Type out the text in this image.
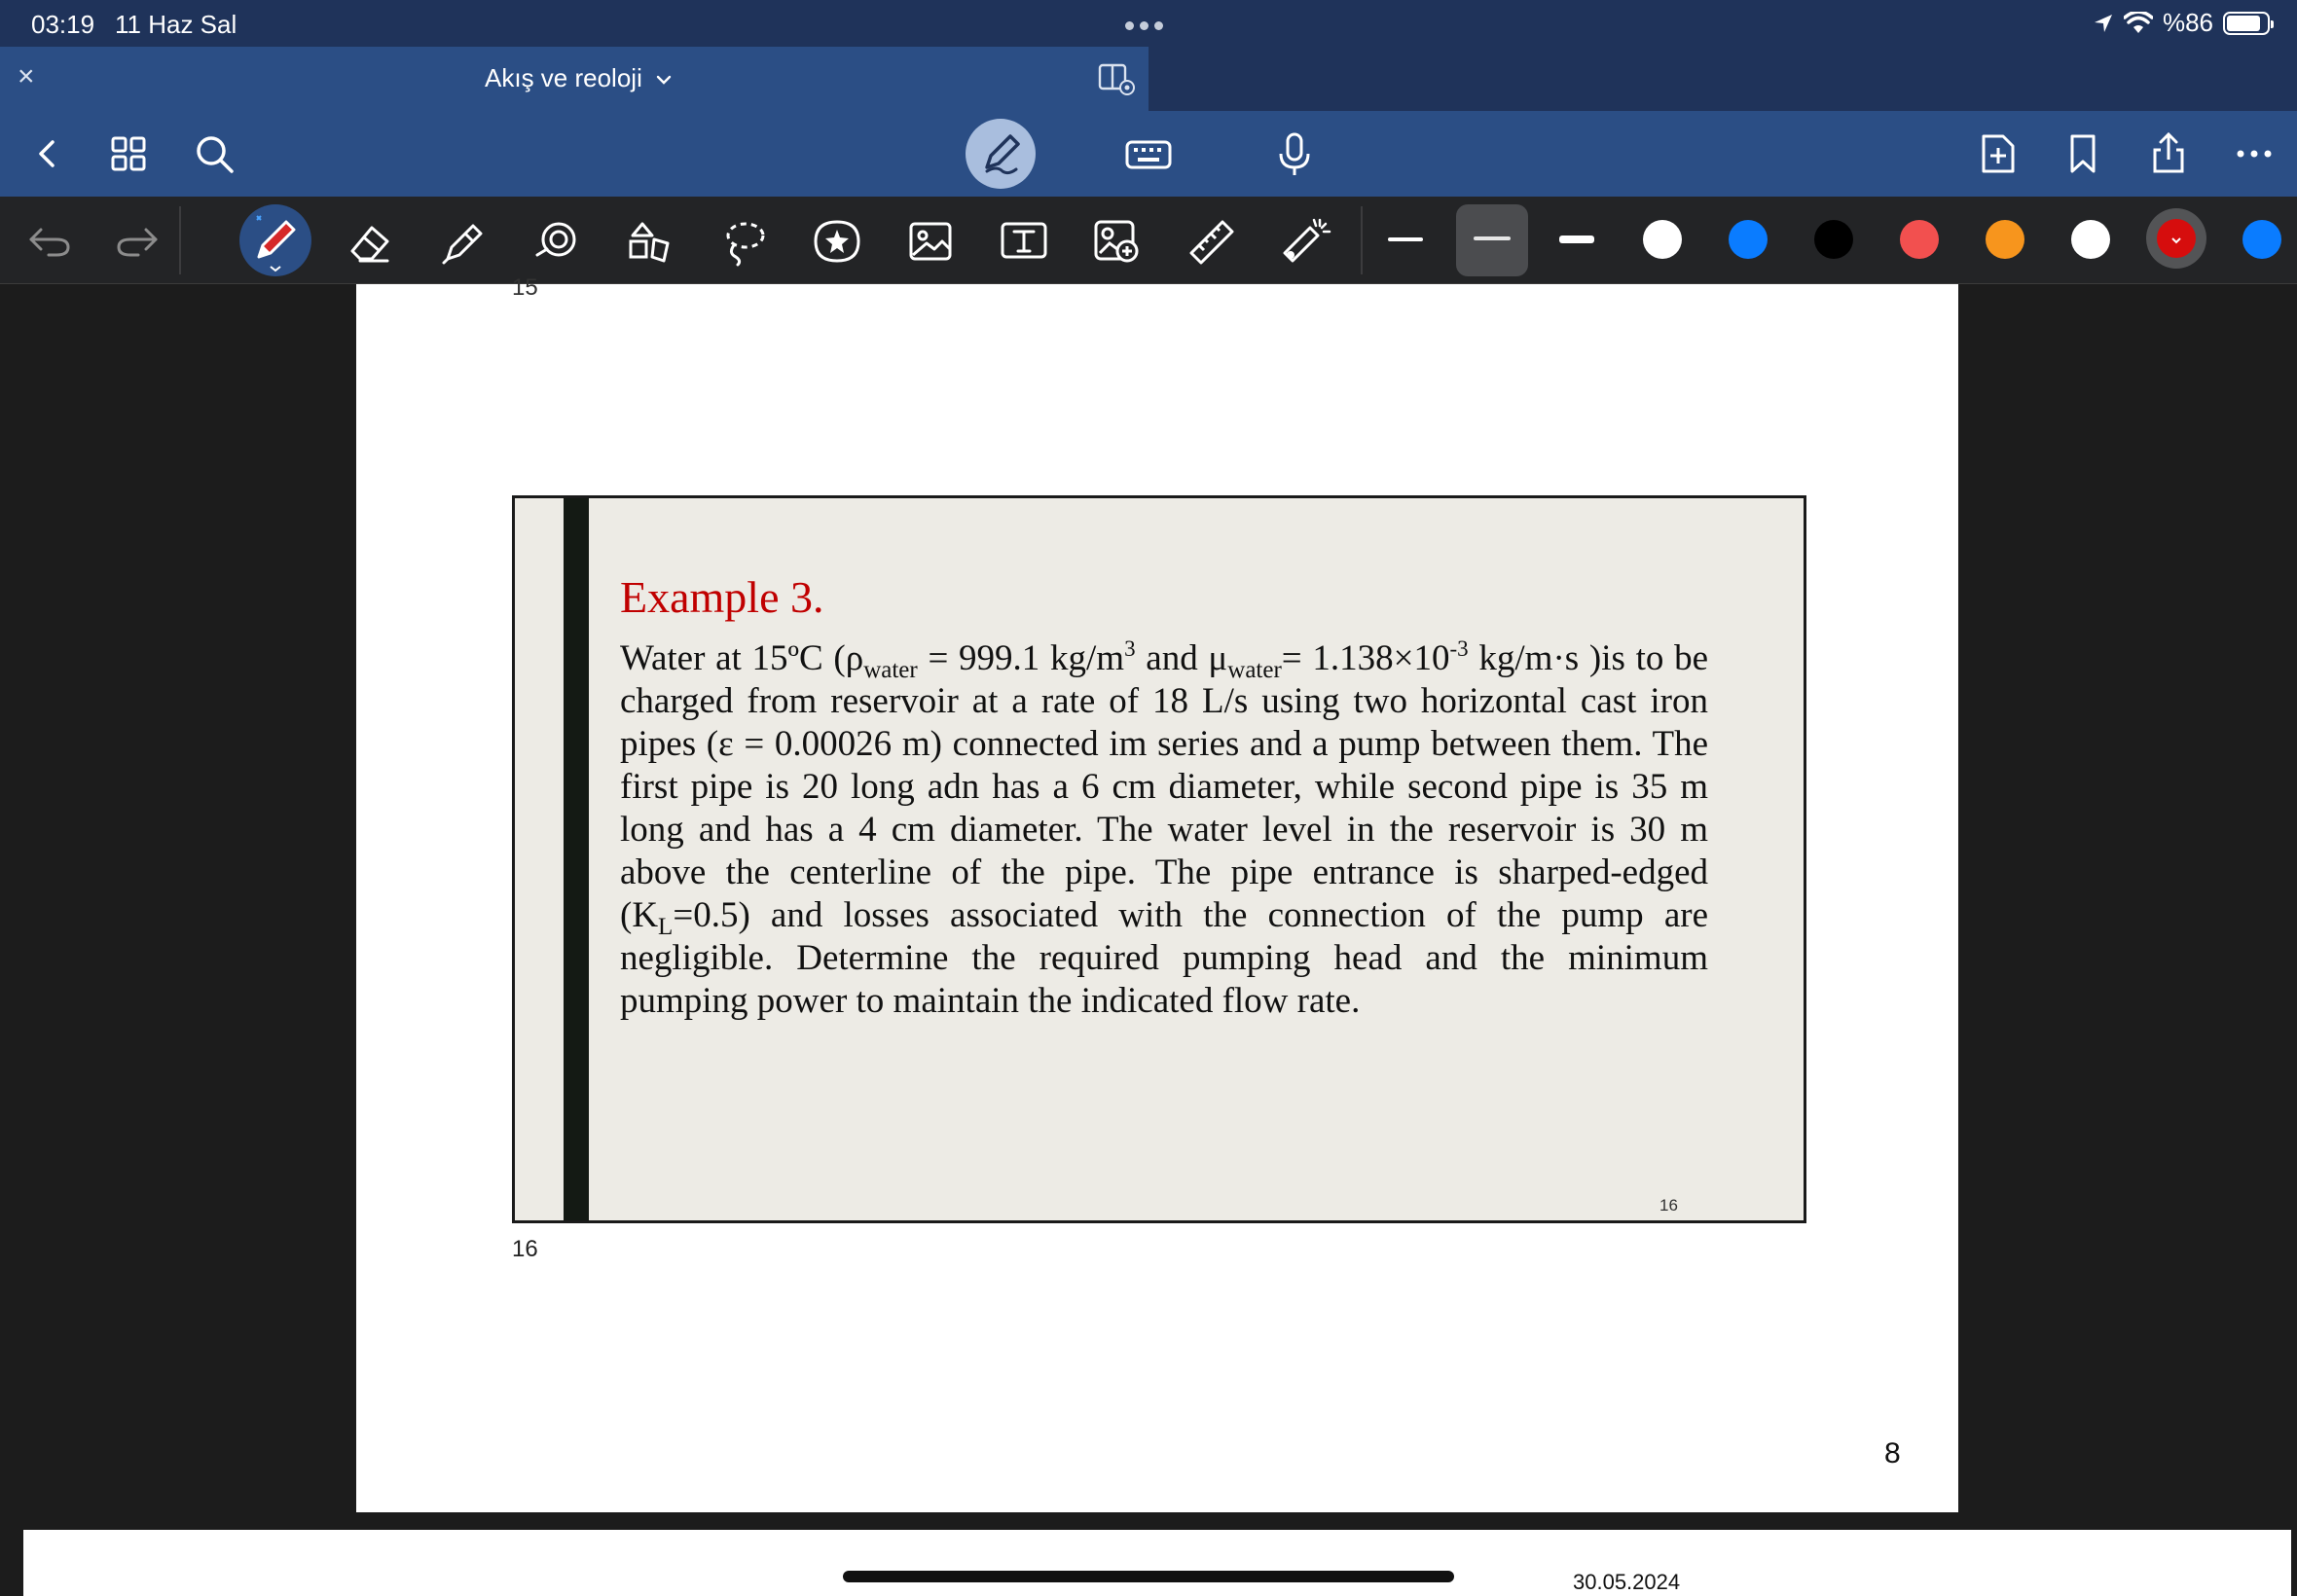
03:19 11 Haz Sal	%86
×	Akış ve reoloji
15
Example 3.
Water at 15ºC ($\rho_{water} = 999.1$ $kg/m^3$ and $\mu_{water}= 1.138\times 10^{-3}$ kg/m·s )is to be charged from reservoir at a rate of 18 L/s using two horizontal cast iron pipes (ε = 0.00026 m) connected im series and a pump between them. The first pipe is 20 long adn has a 6 cm diameter, while second pipe is 35 m long and has a 4 cm diameter. The water level in the reservoir is 30 m above the centerline of the pipe. The pipe entrance is sharped-edged $(K_L=0.5)$ and losses associated with the connection of the pump are negligible. Determine the required pumping head and the minimum pumping power to maintain the indicated flow rate.
16
16
8
30.05.2024
